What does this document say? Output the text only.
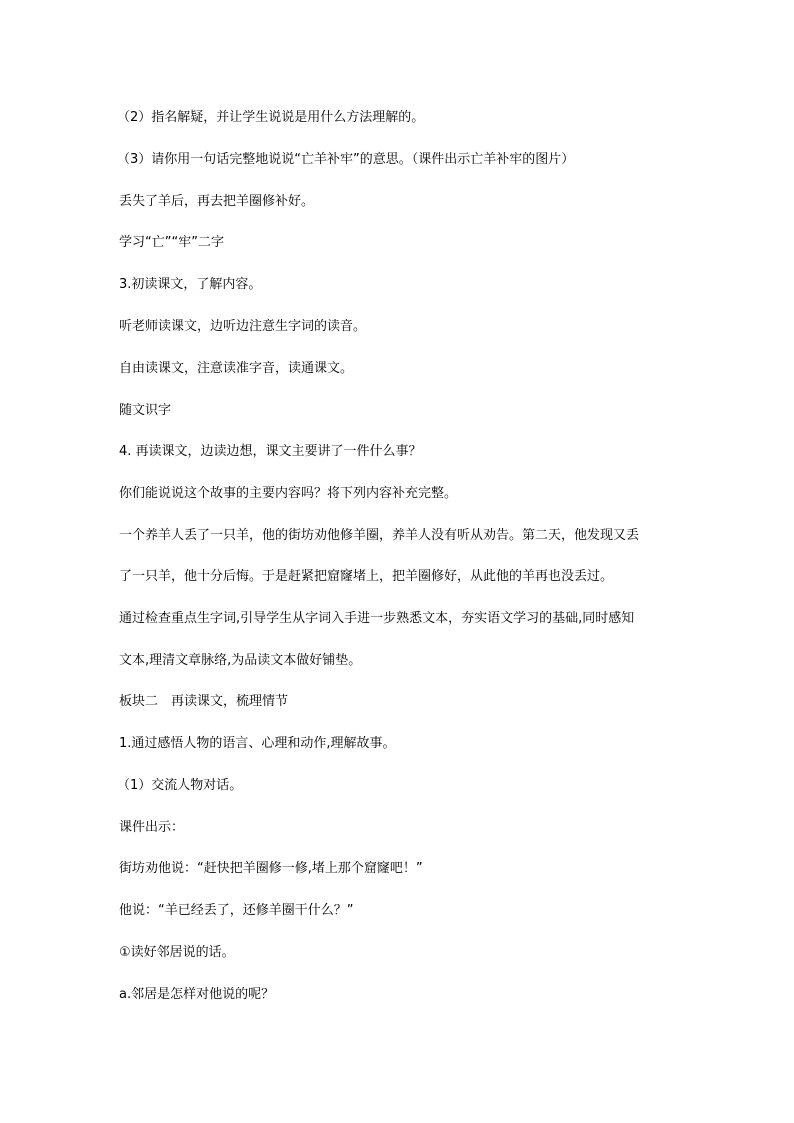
（2）指名解疑，并让学生说说是用什么方法理解的。
（3）请你用一句话完整地说说“亡羊补牢”的意思。（课件出示亡羊补牢的图片）
丢失了羊后，再去把羊圈修补好。
学习“亡”“牢”二字
3.初读课文，了解内容。
听老师读课文，边听边注意生字词的读音。
自由读课文，注意读准字音，读通课文。
随文识字
4. 再读课文，边读边想，课文主要讲了一件什么事？
你们能说说这个故事的主要内容吗？将下列内容补充完整。
一个养羊人丢了一只羊，他的街坊劝他修羊圈，养羊人没有听从劝告。第二天，他发现又丢
了一只羊，他十分后悔。于是赶紧把窟窿堵上，把羊圈修好，从此他的羊再也没丢过。
通过检查重点生字词,引导学生从字词入手进一步熟悉文本，夯实语文学习的基础,同时感知
文本,理清文章脉络,为品读文本做好铺垫。
板块二　再读课文，梳理情节
1.通过感悟人物的语言、心理和动作,理解故事。
（1）交流人物对话。
课件出示：
街坊劝他说：“赶快把羊圈修一修,堵上那个窟窿吧！”
他说：“羊已经丢了，还修羊圈干什么？”
①读好邻居说的话。
a.邻居是怎样对他说的呢？
